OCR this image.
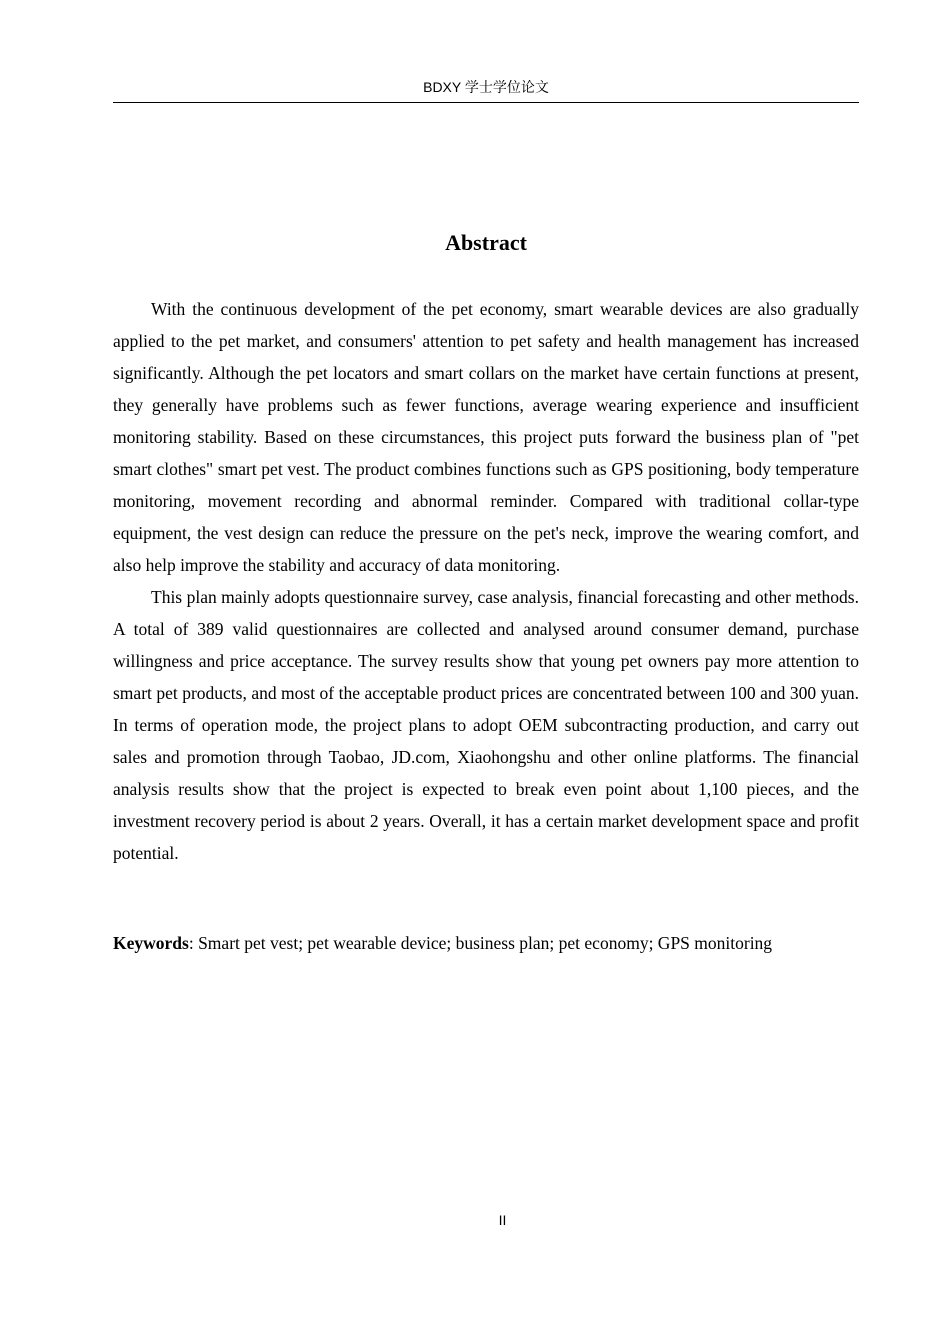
BDXY 学士学位论文
Abstract

With the continuous development of the pet economy, smart wearable devices are also gradually applied to the pet market, and consumers' attention to pet safety and health management has increased significantly. Although the pet locators and smart collars on the market have certain functions at present, they generally have problems such as fewer functions, average wearing experience and insufficient monitoring stability. Based on these circumstances, this project puts forward the business plan of "pet smart clothes" smart pet vest. The product combines functions such as GPS positioning, body temperature monitoring, movement recording and abnormal reminder. Compared with traditional collar-type equipment, the vest design can reduce the pressure on the pet's neck, improve the wearing comfort, and also help improve the stability and accuracy of data monitoring.

This plan mainly adopts questionnaire survey, case analysis, financial forecasting and other methods. A total of 389 valid questionnaires are collected and analysed around consumer demand, purchase willingness and price acceptance. The survey results show that young pet owners pay more attention to smart pet products, and most of the acceptable product prices are concentrated between 100 and 300 yuan. In terms of operation mode, the project plans to adopt OEM subcontracting production, and carry out sales and promotion through Taobao, JD.com, Xiaohongshu and other online platforms. The financial analysis results show that the project is expected to break even point about 1,100 pieces, and the investment recovery period is about 2 years. Overall, it has a certain market development space and profit potential.

Keywords: Smart pet vest; pet wearable device; business plan; pet economy; GPS monitoring

II
